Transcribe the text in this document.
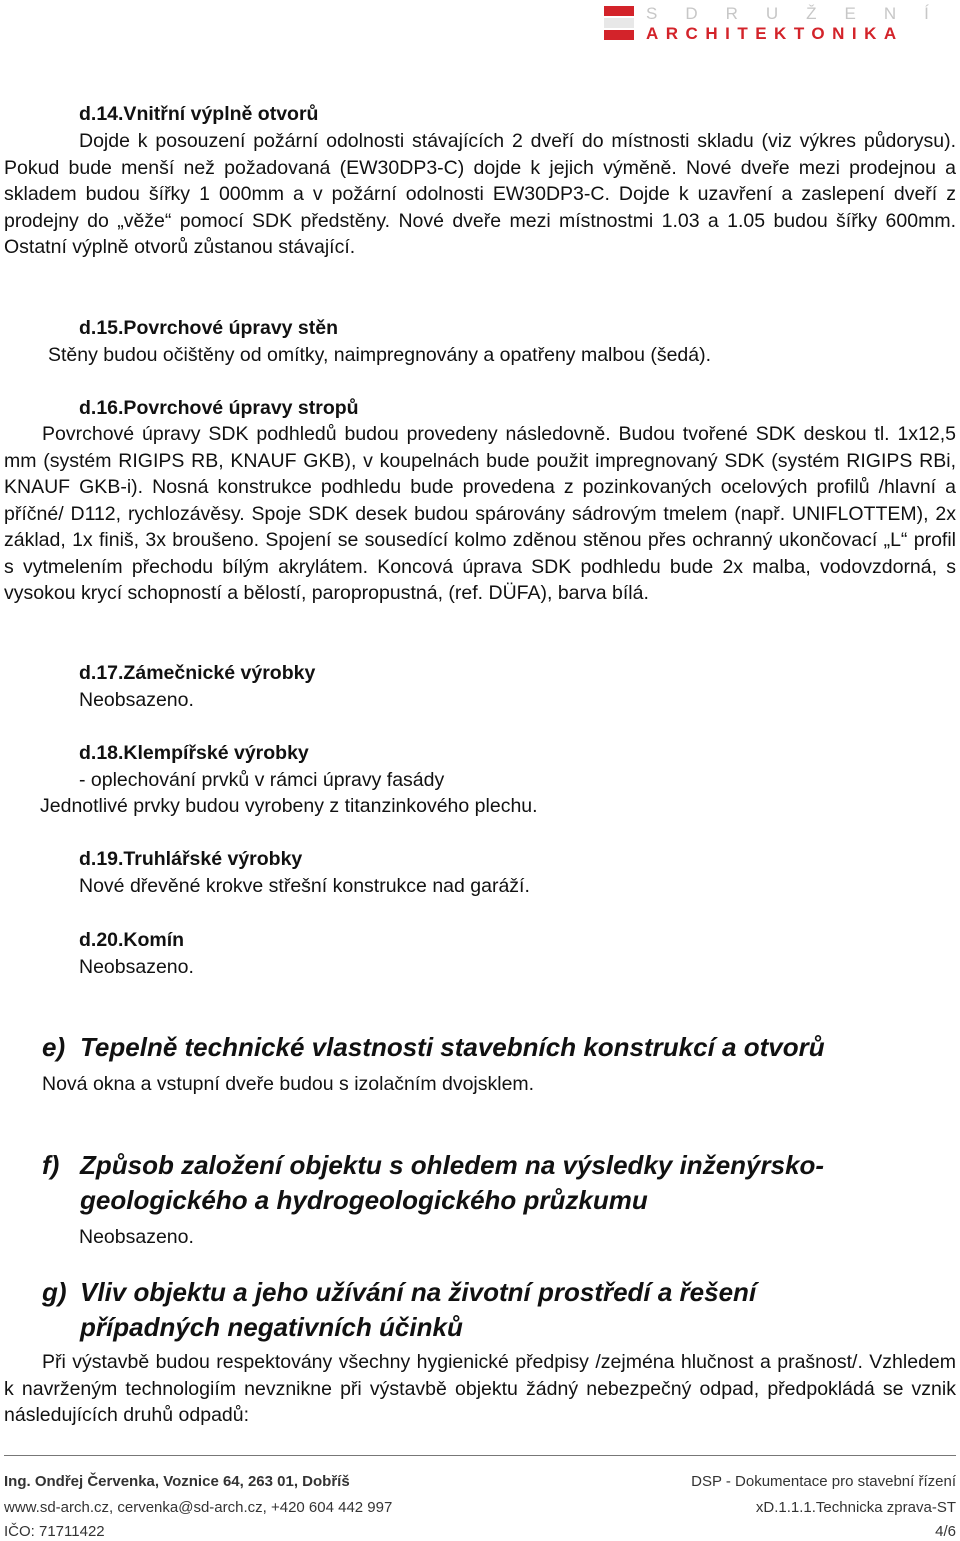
SDRUŽENÍ
ARCHITEKTONIKA
d.14.Vnitřní výplně otvorů
Dojde k posouzení požární odolnosti stávajících 2 dveří do místnosti skladu (viz výkres půdorysu). Pokud bude menší než požadovaná (EW30DP3-C) dojde k jejich výměně. Nové dveře mezi prodejnou a skladem budou šířky 1 000mm a v požární odolnosti EW30DP3-C. Dojde k uzavření a zaslepení dveří z prodejny do „věže“ pomocí SDK předstěny. Nové dveře mezi místnostmi 1.03 a 1.05 budou šířky 600mm. Ostatní výplně otvorů zůstanou stávající.
d.15.Povrchové úpravy stěn
Stěny budou očištěny od omítky, naimpregnovány a opatřeny malbou (šedá).
d.16.Povrchové úpravy stropů
Povrchové úpravy SDK podhledů budou provedeny následovně. Budou tvořené SDK deskou tl. 1x12,5 mm (systém RIGIPS RB, KNAUF GKB), v koupelnách bude použit impregnovaný SDK (systém RIGIPS RBi, KNAUF GKB-i). Nosná konstrukce podhledu bude provedena z pozinkovaných ocelových profilů /hlavní a příčné/ D112, rychlozávěsy. Spoje SDK desek budou spárovány sádrovým tmelem (např. UNIFLOTTEM), 2x základ, 1x finiš, 3x broušeno. Spojení se sousedící kolmo zděnou stěnou přes ochranný ukončovací „L“ profil s vytmelením přechodu bílým akrylátem. Koncová úprava SDK podhledu bude 2x malba, vodovzdorná, s vysokou krycí schopností a bělostí, paropropustná, (ref. DÜFA), barva bílá.
d.17.Zámečnické výrobky
Neobsazeno.
d.18.Klempířské výrobky
- oplechování prvků v rámci úpravy fasády
Jednotlivé prvky budou vyrobeny z titanzinkového plechu.
d.19.Truhlářské výrobky
Nové dřevěné krokve střešní konstrukce nad garáží.
d.20.Komín
Neobsazeno.
e) Tepelně technické vlastnosti stavebních konstrukcí a otvorů
Nová okna a vstupní dveře budou s izolačním dvojsklem.
f) Způsob založení objektu s ohledem na výsledky inženýrsko-
geologického a hydrogeologického průzkumu
Neobsazeno.
g) Vliv objektu a jeho užívání na životní prostředí a řešení
případných negativních účinků
Při výstavbě budou respektovány všechny hygienické předpisy /zejména hlučnost a prašnost/. Vzhledem k navrženým technologiím nevznikne při výstavbě objektu žádný nebezpečný odpad, předpokládá se vznik následujících druhů odpadů:
Ing. Ondřej Červenka, Voznice 64, 263 01, Dobříš
www.sd-arch.cz, cervenka@sd-arch.cz, +420 604 442 997
IČO: 71711422
DSP - Dokumentace pro stavební řízení
xD.1.1.1.Technicka zprava-ST
4/6
